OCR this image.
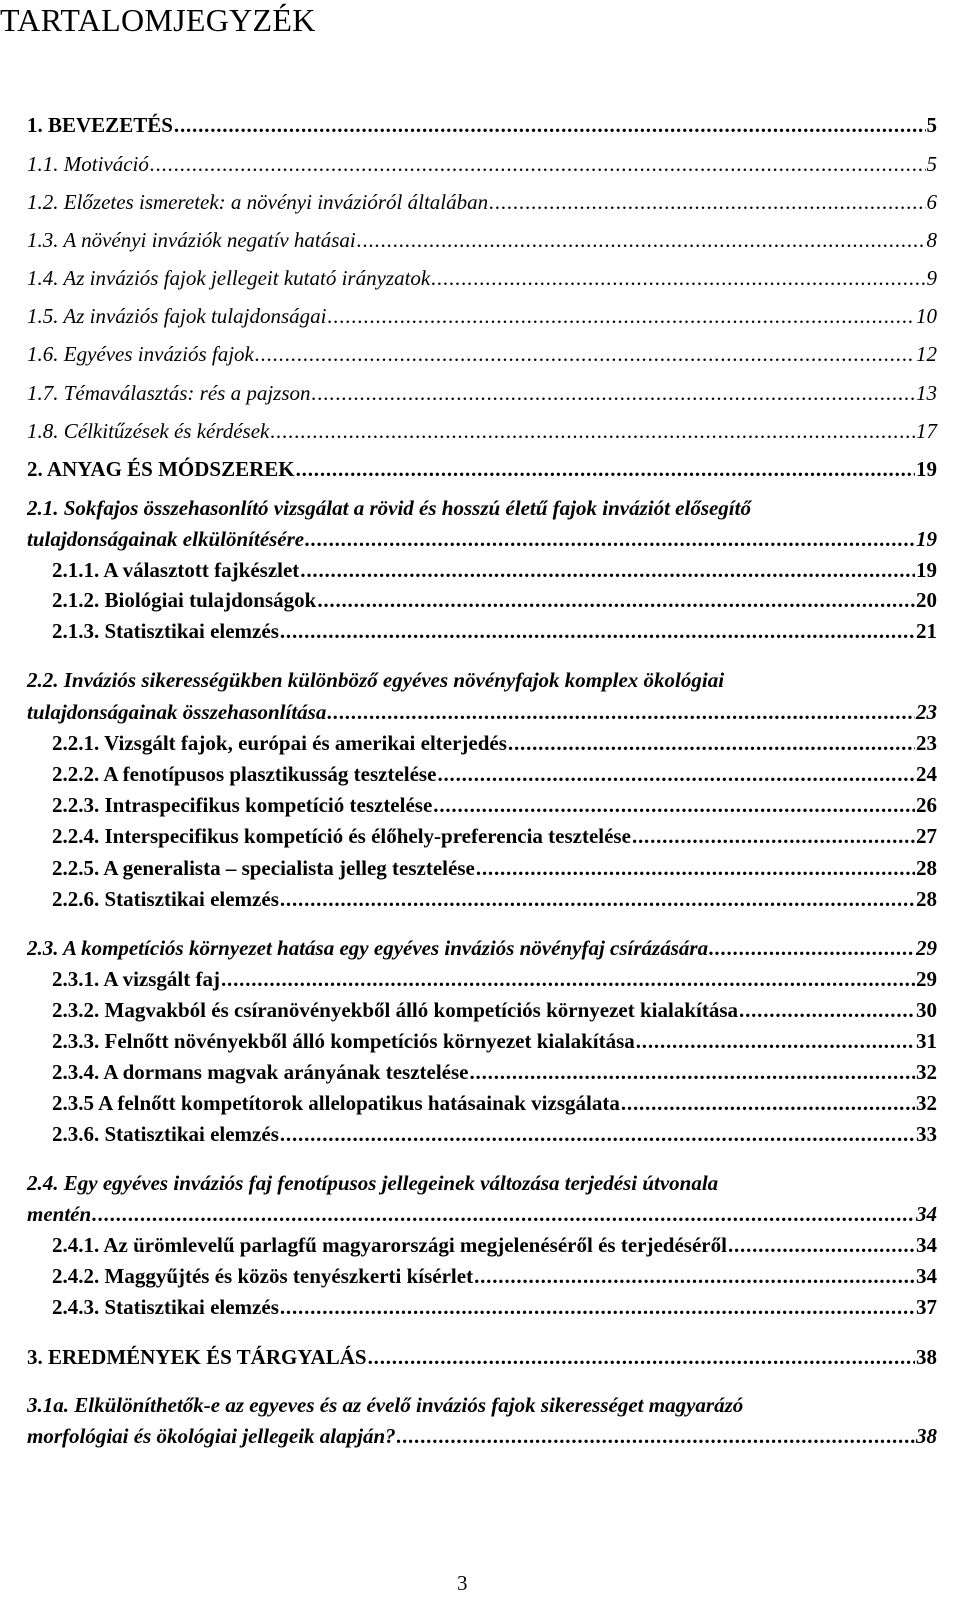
TARTALOMJEGYZÉK
1. BEVEZETÉS .....	5
1.1. Motiváció .....	5
1.2. Előzetes ismeretek: a növényi invázióról általában .....	6
1.3. A növényi inváziók negatív hatásai .....	8
1.4. Az inváziós fajok jellegeit kutató irányzatok .....	9
1.5. Az inváziós fajok tulajdonságai .....	10
1.6. Egyéves inváziós fajok .....	12
1.7. Témaválasztás: rés a pajzson .....	13
1.8. Célkitűzések és kérdések .....	17
2. ANYAG ÉS MÓDSZEREK .....	19
2.1. Sokfajos összehasonlító vizsgálat a rövid és hosszú életű fajok inváziót elősegítő
tulajdonságainak elkülönítésére .....	19
2.1.1. A választott fajkészlet .....	19
2.1.2. Biológiai tulajdonságok .....	20
2.1.3. Statisztikai elemzés .....	21
2.2. Inváziós sikerességükben különböző egyéves növényfajok komplex ökológiai
tulajdonságainak összehasonlítása .....	23
2.2.1. Vizsgált fajok, európai és amerikai elterjedés .....	23
2.2.2. A fenotípusos plasztikusság tesztelése .....	24
2.2.3. Intraspecifikus kompetíció tesztelése .....	26
2.2.4. Interspecifikus kompetíció és élőhely-preferencia tesztelése .....	27
2.2.5. A generalista – specialista jelleg tesztelése .....	28
2.2.6. Statisztikai elemzés .....	28
2.3. A kompetíciós környezet hatása egy egyéves inváziós növényfaj csírázására .....	29
2.3.1. A vizsgált faj .....	29
2.3.2. Magvakból és csíranövényekből álló kompetíciós környezet kialakítása .....	30
2.3.3. Felnőtt növényekből álló kompetíciós környezet kialakítása .....	31
2.3.4. A dormans magvak arányának tesztelése .....	32
2.3.5 A felnőtt kompetítorok allelopatikus hatásainak vizsgálata .....	32
2.3.6. Statisztikai elemzés .....	33
2.4. Egy egyéves inváziós faj fenotípusos jellegeinek változása terjedési útvonala
mentén .....	34
2.4.1. Az ürömlevelű parlagfű magyarországi megjelenéséről és terjedéséről .....	34
2.4.2. Maggyűjtés és közös tenyészkerti kísérlet .....	34
2.4.3. Statisztikai elemzés .....	37
3. EREDMÉNYEK ÉS TÁRGYALÁS .....	38
3.1a. Elkülöníthetők-e az egyeves és az évelő inváziós fajok sikerességet magyarázó
morfológiai és ökológiai jellegeik alapján? .....	38
3
